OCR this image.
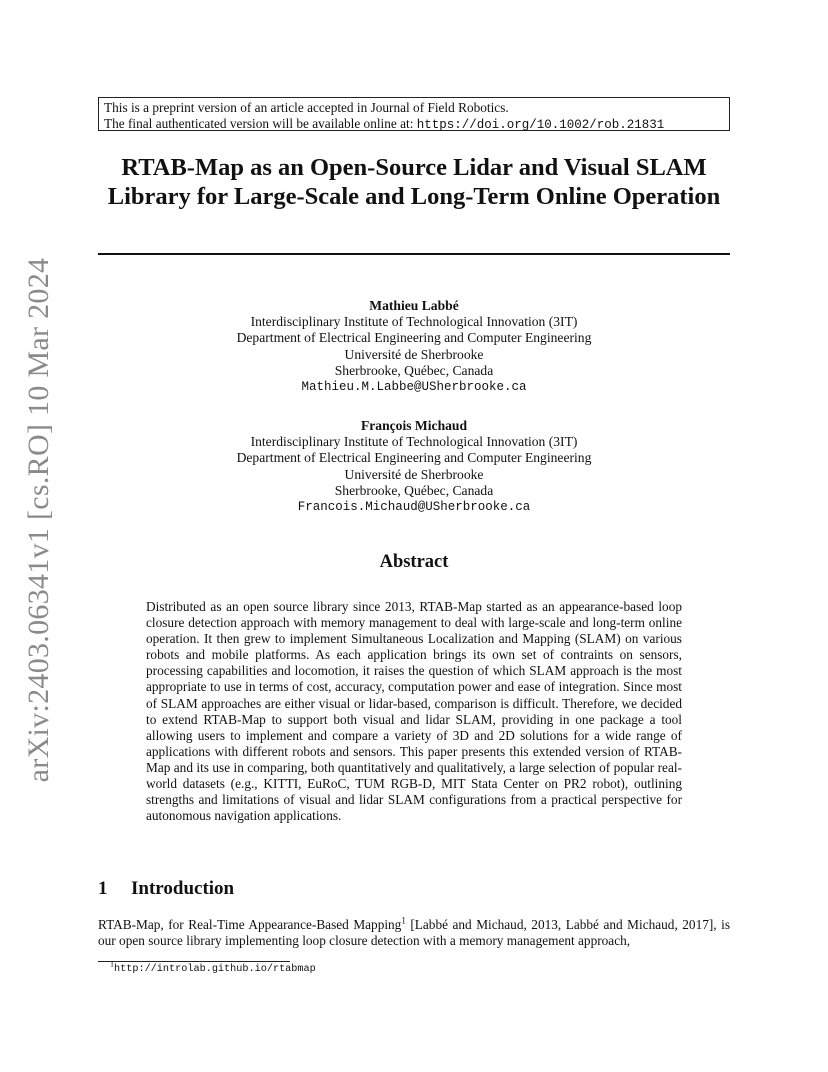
arXiv:2403.06341v1 [cs.RO] 10 Mar 2024
This is a preprint version of an article accepted in Journal of Field Robotics.
The final authenticated version will be available online at: https://doi.org/10.1002/rob.21831
RTAB-Map as an Open-Source Lidar and Visual SLAM Library for Large-Scale and Long-Term Online Operation
Mathieu Labbé
Interdisciplinary Institute of Technological Innovation (3IT)
Department of Electrical Engineering and Computer Engineering
Université de Sherbrooke
Sherbrooke, Québec, Canada
Mathieu.M.Labbe@USherbrooke.ca
François Michaud
Interdisciplinary Institute of Technological Innovation (3IT)
Department of Electrical Engineering and Computer Engineering
Université de Sherbrooke
Sherbrooke, Québec, Canada
Francois.Michaud@USherbrooke.ca
Abstract
Distributed as an open source library since 2013, RTAB-Map started as an appearance-based loop closure detection approach with memory management to deal with large-scale and long-term online operation. It then grew to implement Simultaneous Localization and Mapping (SLAM) on various robots and mobile platforms. As each application brings its own set of contraints on sensors, processing capabilities and locomotion, it raises the question of which SLAM approach is the most appropriate to use in terms of cost, accuracy, computation power and ease of integration. Since most of SLAM approaches are either visual or lidar-based, comparison is difficult. Therefore, we decided to extend RTAB-Map to support both visual and lidar SLAM, providing in one package a tool allowing users to implement and compare a variety of 3D and 2D solutions for a wide range of applications with different robots and sensors. This paper presents this extended version of RTAB-Map and its use in comparing, both quantitatively and qualitatively, a large selection of popular real-world datasets (e.g., KITTI, EuRoC, TUM RGB-D, MIT Stata Center on PR2 robot), outlining strengths and limitations of visual and lidar SLAM configurations from a practical perspective for autonomous navigation applications.
1 Introduction
RTAB-Map, for Real-Time Appearance-Based Mapping$^1$ [Labbé and Michaud, 2013, Labbé and Michaud, 2017], is our open source library implementing loop closure detection with a memory management approach,
$^1$http://introlab.github.io/rtabmap
